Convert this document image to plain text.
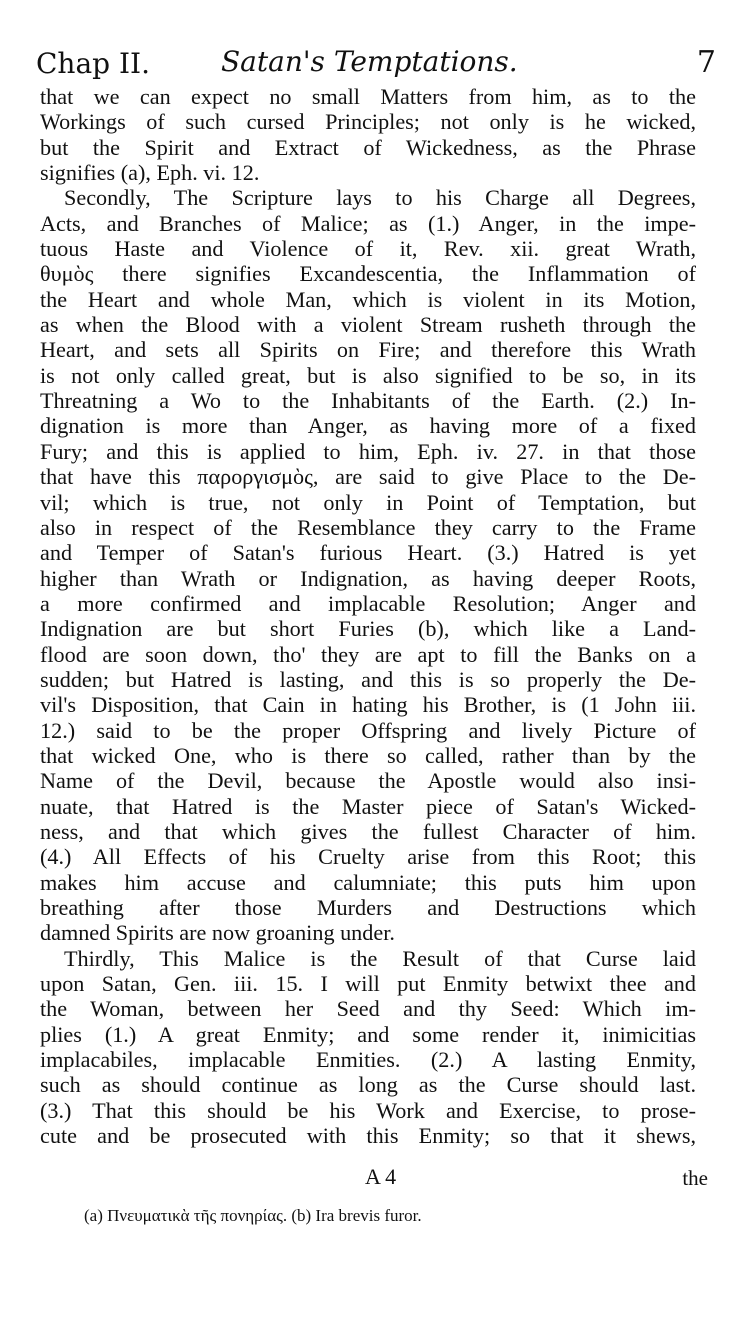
Chap II.	Satan's Temptations.	7
that we can expect no small Matters from him, as to the
Workings of such cursed Principles; not only is he wicked,
but the Spirit and Extract of Wickedness, as the Phrase
signifies (a), Eph. vi. 12.
Secondly, The Scripture lays to his Charge all Degrees,
Acts, and Branches of Malice; as (1.) Anger, in the impe-
tuous Haste and Violence of it, Rev. xii. great Wrath,
θυμὸς there signifies Excandescentia, the Inflammation of
the Heart and whole Man, which is violent in its Motion,
as when the Blood with a violent Stream rusheth through the
Heart, and sets all Spirits on Fire; and therefore this Wrath
is not only called great, but is also signified to be so, in its
Threatning a Wo to the Inhabitants of the Earth. (2.) In-
dignation is more than Anger, as having more of a fixed
Fury; and this is applied to him, Eph. iv. 27. in that those
that have this παροργισμὸς, are said to give Place to the De-
vil; which is true, not only in Point of Temptation, but
also in respect of the Resemblance they carry to the Frame
and Temper of Satan's furious Heart. (3.) Hatred is yet
higher than Wrath or Indignation, as having deeper Roots,
a more confirmed and implacable Resolution; Anger and
Indignation are but short Furies (b), which like a Land-
flood are soon down, tho' they are apt to fill the Banks on a
sudden; but Hatred is lasting, and this is so properly the De-
vil's Disposition, that Cain in hating his Brother, is (1 John iii.
12.) said to be the proper Offspring and lively Picture of
that wicked One, who is there so called, rather than by the
Name of the Devil, because the Apostle would also insi-
nuate, that Hatred is the Master piece of Satan's Wicked-
ness, and that which gives the fullest Character of him.
(4.) All Effects of his Cruelty arise from this Root; this
makes him accuse and calumniate; this puts him upon
breathing after those Murders and Destructions which
damned Spirits are now groaning under.
Thirdly, This Malice is the Result of that Curse laid
upon Satan, Gen. iii. 15. I will put Enmity betwixt thee and
the Woman, between her Seed and thy Seed: Which im-
plies (1.) A great Enmity; and some render it, inimicitias
implacabiles, implacable Enmities. (2.) A lasting Enmity,
such as should continue as long as the Curse should last.
(3.) That this should be his Work and Exercise, to prose-
cute and be prosecuted with this Enmity; so that it shews,
A 4	the
(a) Πνευματικὰ τῆς πονηρίας. (b) Ira brevis furor.
